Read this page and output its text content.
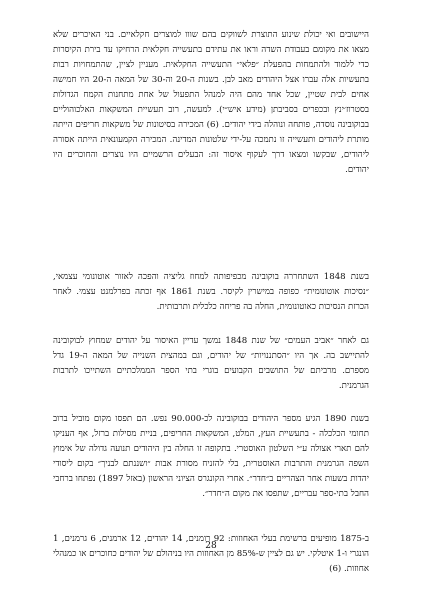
היישובים ואי יכולת שינוע התוצרת לשווקים בהם שווו למוצרים חקלאיים. בני האיכרים שלא מצאו את מקומם בעבודת השדה וראו את עתידם בתעשייה חקלאית הרחיקו עד בירת הקיסרות כדי ללמוד ולהתמחות בהפעלת ״פלאי״ התעשייה החקלאית. מעניין לציין, שהתמחויות רבות בתעשיות אלה עברו אצל היהודים מאב לבן. בשנות ה-20 וה-30 של המאה ה-20 היו חמישה אחים לבית שטיין, שכל אחד מהם היה למנהל התפעול של אחת מתחנות הקמח הגדולות בסטרוז׳ינץ ובכפרים בסביבתן (מידע איש״י). למעשה, רוב תעשיית המשקאות האלכוהוליים בבוקובינה נוסדה, פותחה ונוהלה בידי יהודים. (6) המכירה בסיטונות של משקאות חריפים הייתה מותרת ליהודים ותעשייה זו נתמכה על-ידי שלטונות המדינה. המכירה הקמעונאית הייתה אסורה ליהודים, שבקשו ומצאו דרך לעקוף איסור זה: הבעלים הרשמיים היו נוצרים והחוכרים היו יהודים.

בשנת 1848 השתחררה בוקובינה מכפיפותה למחוז גליציה והפכה לאזור אוטונומי עצמאי, ״נסיכות אוטונומית״ כפופה במישרין לקיסר. בשנת 1861 אף זכתה בפרלמנט עצמי. לאחר הכרזת הנסיכות כאוטונומית, החלה בה פריחה כלכלית ותרבותית.

גם לאחר ״אביב העמים״ של שנת 1848 נמשך עדיין האיסור על יהודים שמחוץ לבוקובינה להתיישב בה. אך היו ״הסתננויות״ של יהודים, וגם במהצית השנייה של המאה ה-19 גדל מספרם. מרביתם של התושבים הקבועים בוגרי בתי הספר הממלכתיים השתייכו לתרבות הגרמנית.

בשנת 1890 הגיע מספר היהודים בבוקובינה לכ-90.000 נפש. הם תפסו מקום מוביל ברוב תחומי הכלכלה - בתעשיית העץ, המלט, המשקאות החריפים, בניית מסילות ברזל, אף העניקו להם תארי אצולה ע״י השלטון האוסטרי. בתקופה זו החלה בין היהודים תנועה גדולה של אימוץ השפה הגרמנית והתרבות האוסטרית, בלי להזניח מסורת אבות ״ושננתם לבניך״ בקום ליסודי יהדות בשעות אחר הצהריים ב״חדר״. אחרי הקונגרס הציוני הראשון (באזל 1897) נפתחו ברחבי החבל בתי-ספר עבריים, שתפסו את מקום ה״חדר״.

ב-1875 מופיעים ברשימת בעלי האחוזות: 92 רומנים, 14 יהודים, 12 ארמנים, 6 גרמנים, 1 הונגרי ו-1 איטלקי. יש גם לציין ש-85% מן האחוזות היו בניהולם של יהודים כחוכרים או כמנהלי אחוזות. (6)

28
